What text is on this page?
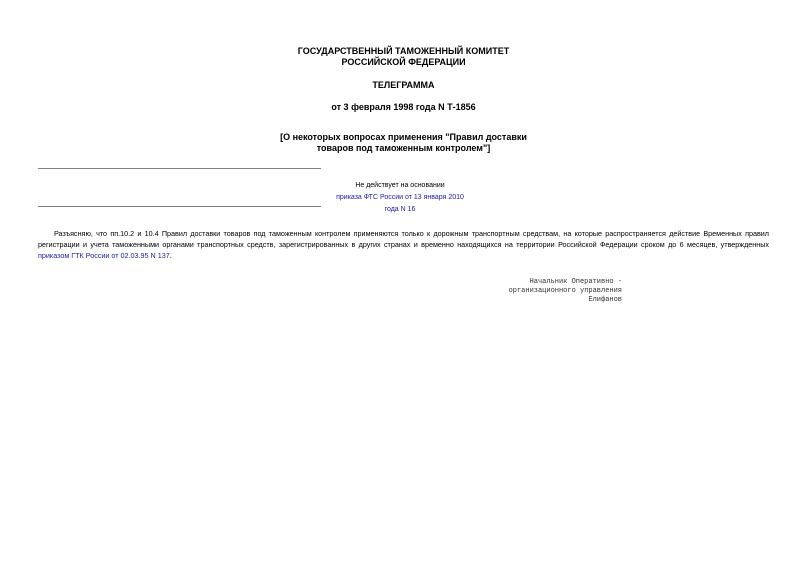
ГОСУДАРСТВЕННЫЙ ТАМОЖЕННЫЙ КОМИТЕТ
РОССИЙСКОЙ ФЕДЕРАЦИИ
ТЕЛЕГРАММА
от 3 февраля 1998 года N Т-1856
[О некоторых вопросах применения "Правил доставки
товаров под таможенным контролем"]
Не действует на основании
приказа ФТС России от 13 января 2010 года N 16
Разъясняю, что пп.10.2 и 10.4 Правил доставки товаров под таможенным контролем применяются только к дорожным транспортным средствам, на которые распространяется действие Временных правил регистрации и учета таможенными органами транспортных средств, зарегистрированных в других странах и временно находящихся на территории Российской Федерации сроком до 6 месяцев, утвержденных приказом ГТК России от 02.03.95 N 137.
Начальник Оперативно -
организационного управления
Елифанов
